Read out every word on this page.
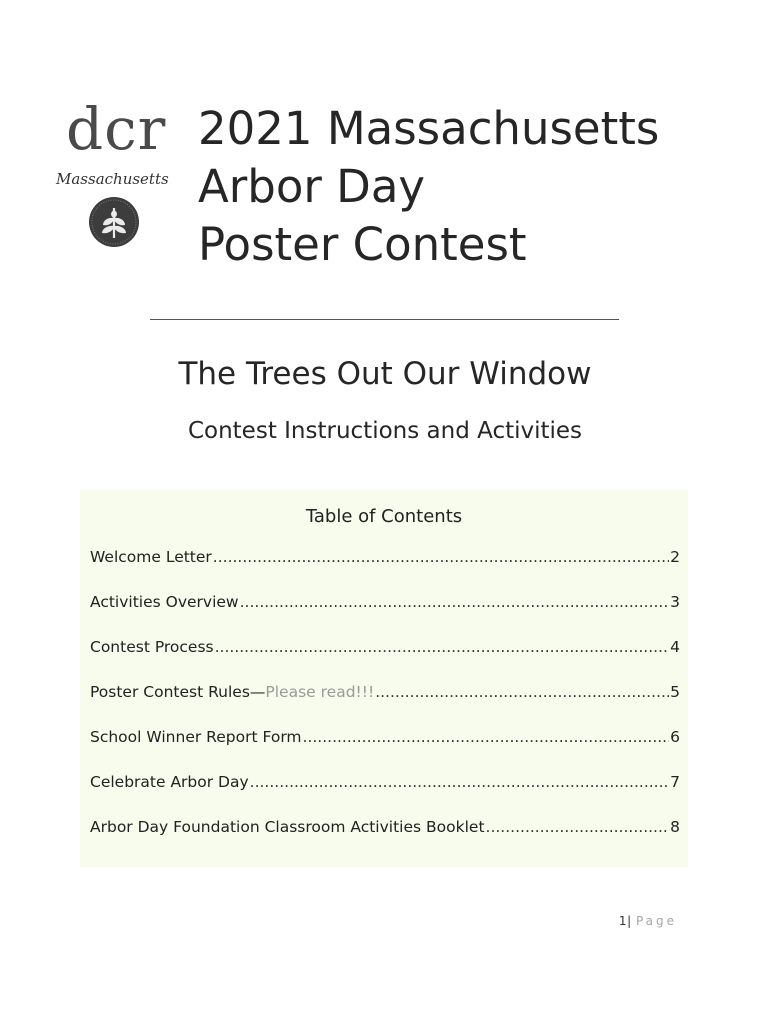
dcr
Massachusetts
2021 Massachusetts
Arbor Day
Poster Contest
The Trees Out Our Window
Contest Instructions and Activities
Table of Contents
Welcome Letter .....	2
Activities Overview .....	3
Contest Process .....	4
Poster Contest Rules—Please read!!! .....	5
School Winner Report Form .....	6
Celebrate Arbor Day .....	7
Arbor Day Foundation Classroom Activities Booklet .....	8
1| Page
